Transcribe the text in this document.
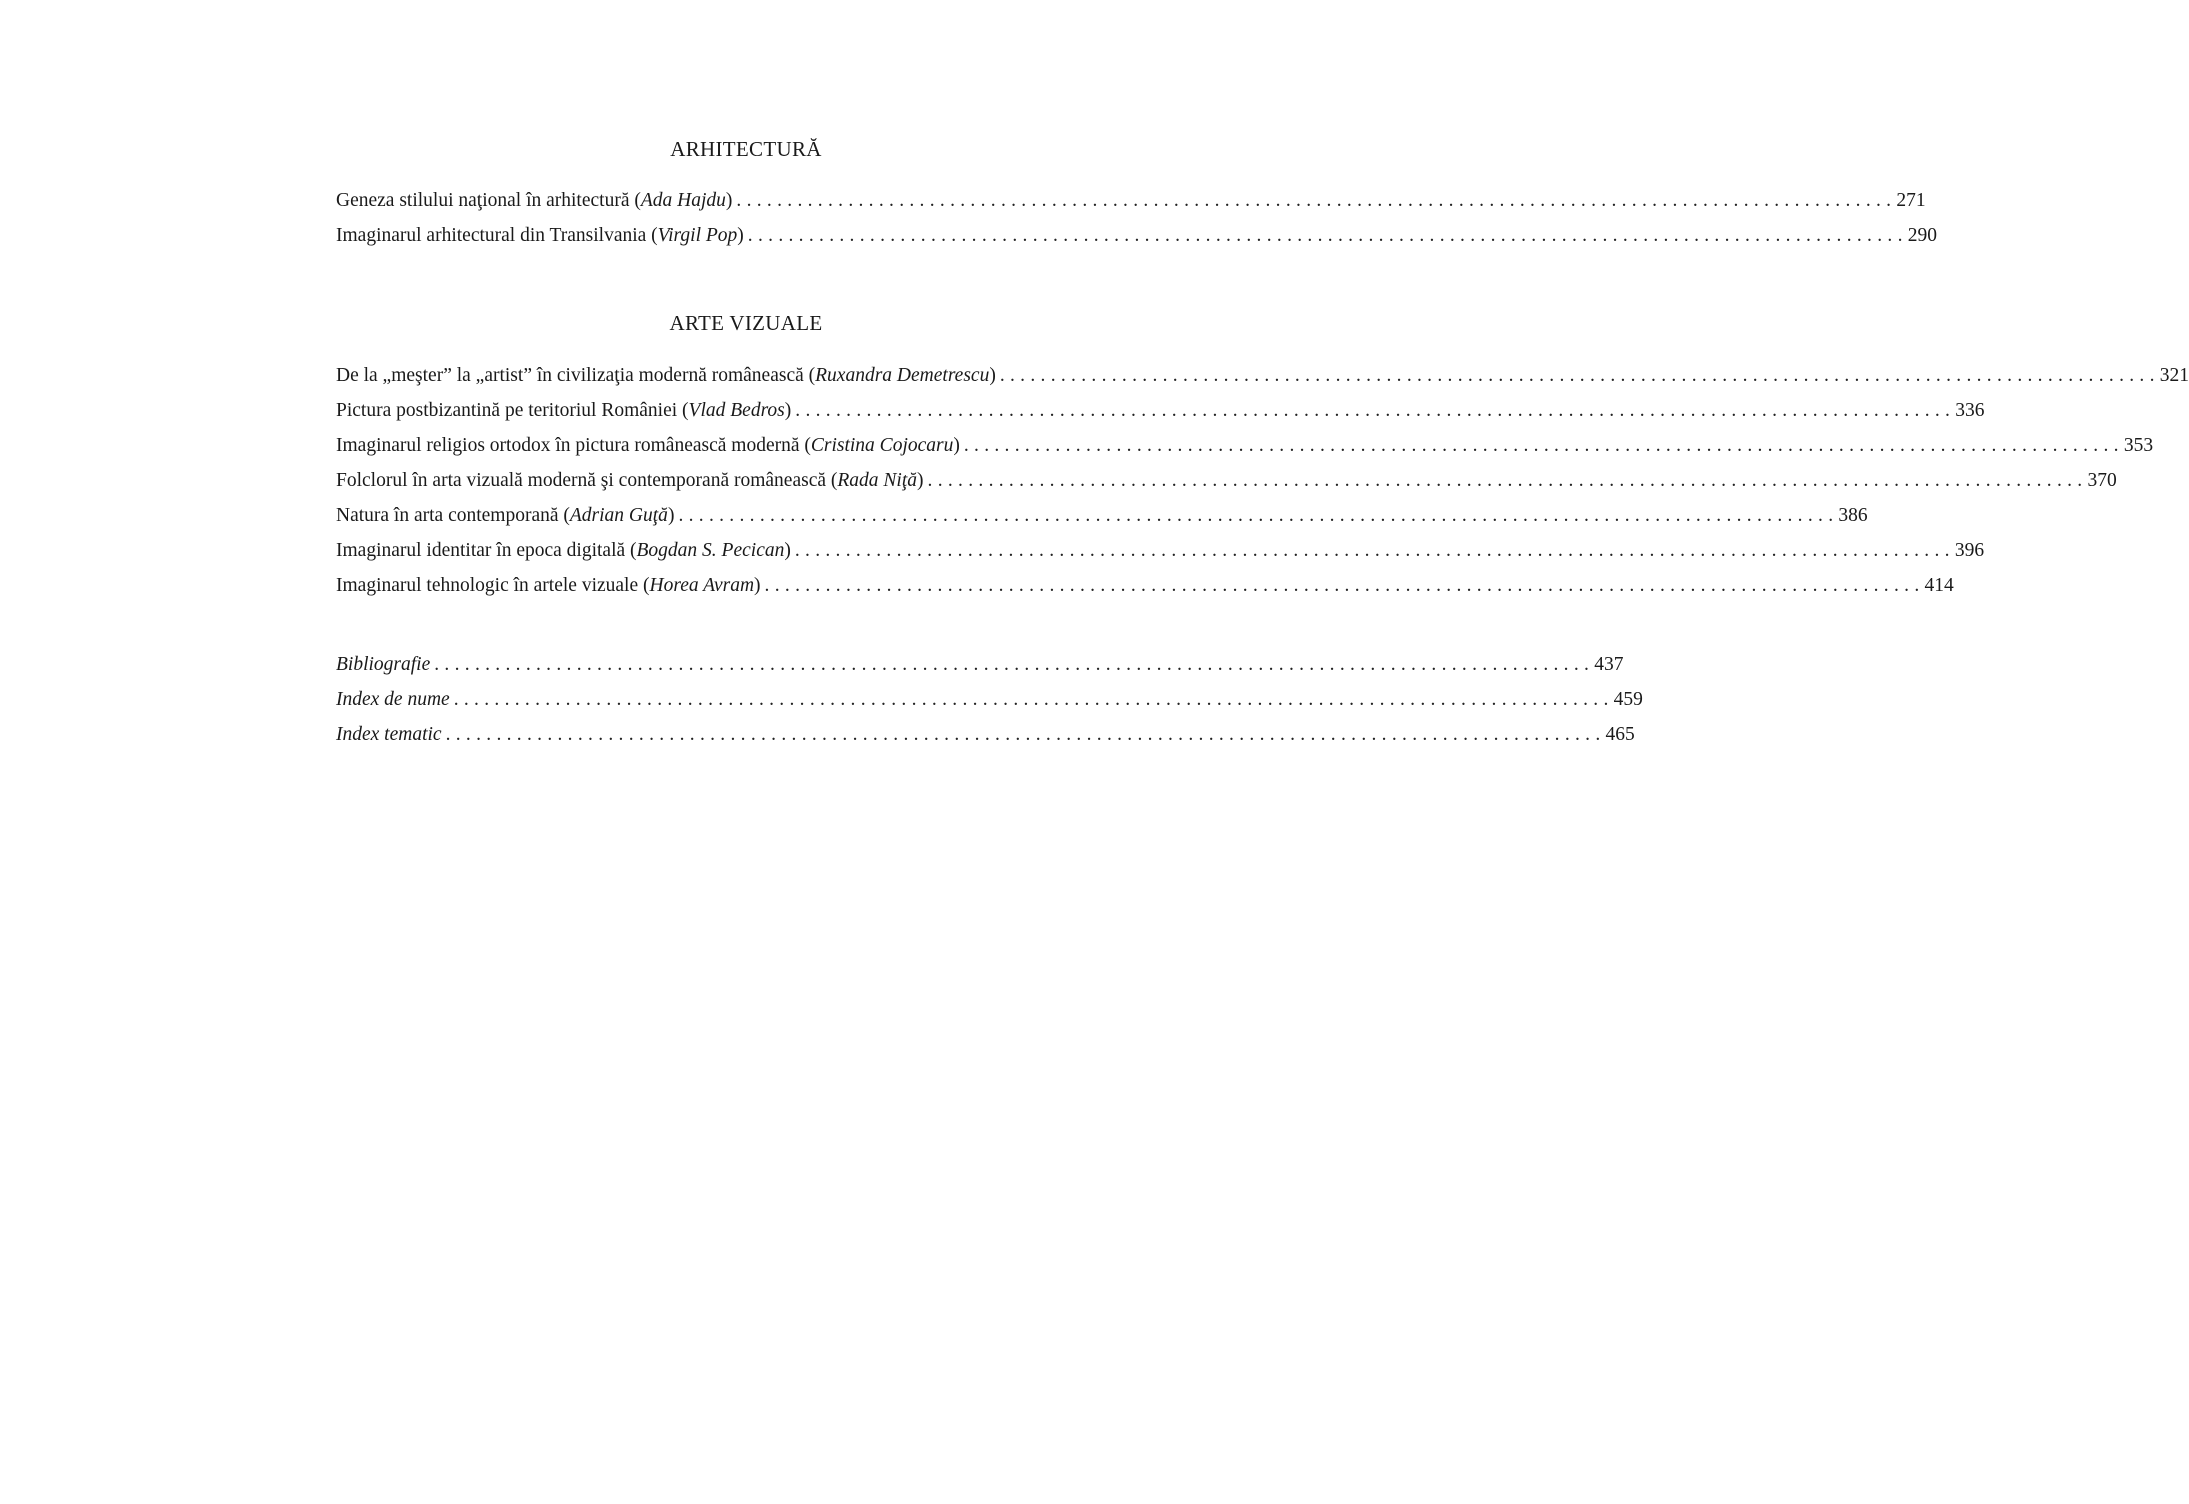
ARHITECTURĂ
Geneza stilului naţional în arhitectură (Ada Hajdu) .................................................................................................................. 271
Imaginarul arhitectural din Transilvania (Virgil Pop) .................................................................................................................. 290
ARTE VIZUALE
De la „meşter” la „artist” în civilizaţia modernă românească (Ruxandra Demetrescu) .................................................................................................................. 321
Pictura postbizantină pe teritoriul României (Vlad Bedros) .................................................................................................................. 336
Imaginarul religios ortodox în pictura românească modernă (Cristina Cojocaru) .................................................................................................................. 353
Folclorul în arta vizuală modernă şi contemporană românească (Rada Niţă) .................................................................................................................. 370
Natura în arta contemporană (Adrian Guţă) .................................................................................................................. 386
Imaginarul identitar în epoca digitală (Bogdan S. Pecican) .................................................................................................................. 396
Imaginarul tehnologic în artele vizuale (Horea Avram) .................................................................................................................. 414
Bibliografie .................................................................................................................. 437
Index de nume .................................................................................................................. 459
Index tematic .................................................................................................................. 465
